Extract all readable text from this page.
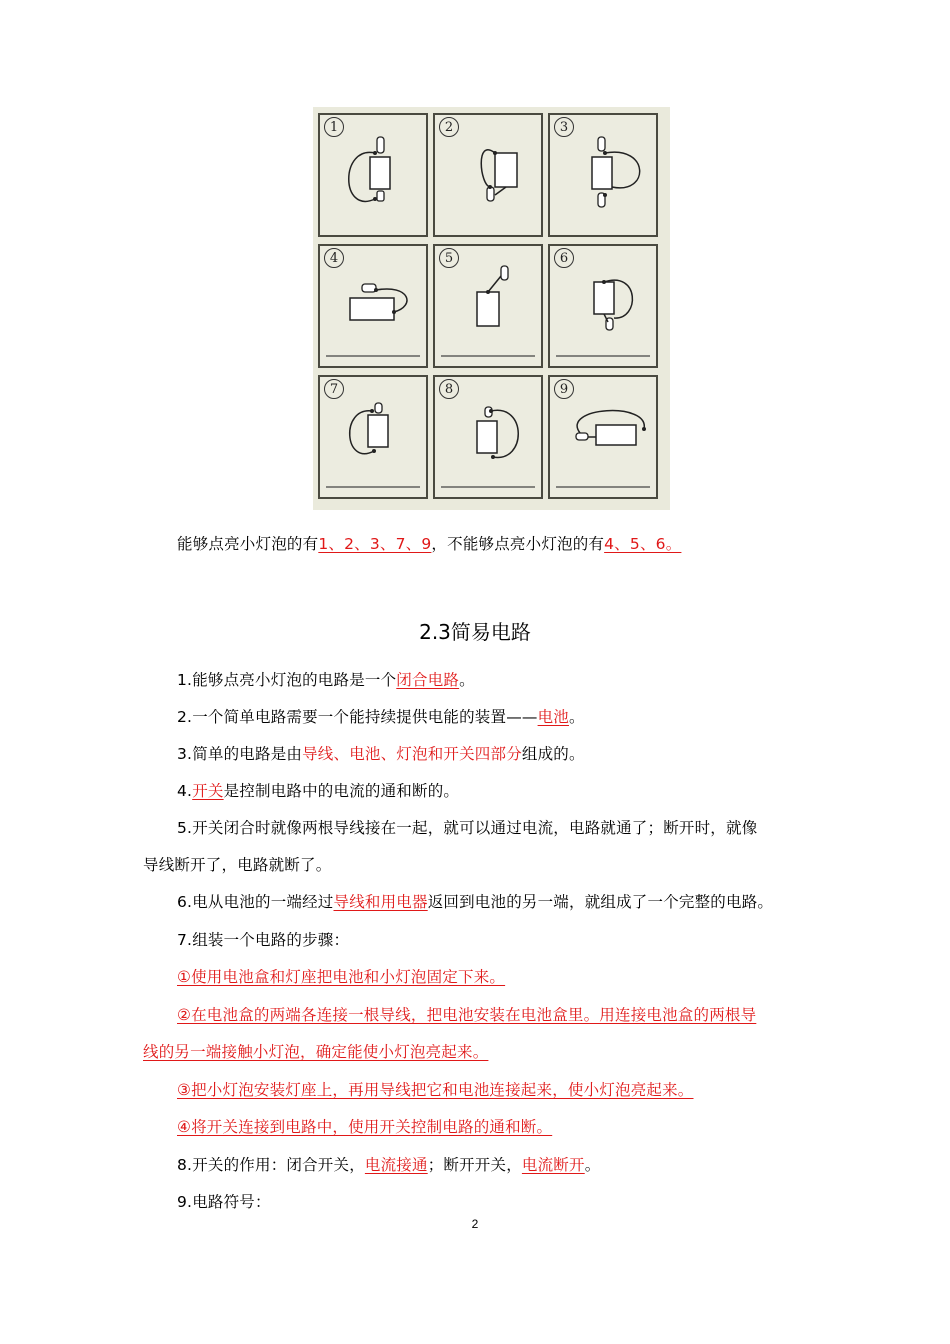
1	2	3
4	5	6
7	8	9
能够点亮小灯泡的有1、2、3、7、9，不能够点亮小灯泡的有4、5、6。
2.3简易电路
1.能够点亮小灯泡的电路是一个闭合电路。
2.一个简单电路需要一个能持续提供电能的装置——电池。
3.简单的电路是由导线、电池、灯泡和开关四部分组成的。
4.开关是控制电路中的电流的通和断的。
5.开关闭合时就像两根导线接在一起，就可以通过电流，电路就通了；断开时，就像
导线断开了，电路就断了。
6.电从电池的一端经过导线和用电器返回到电池的另一端，就组成了一个完整的电路。
7.组装一个电路的步骤：
①使用电池盒和灯座把电池和小灯泡固定下来。
②在电池盒的两端各连接一根导线，把电池安装在电池盒里。用连接电池盒的两根导
线的另一端接触小灯泡，确定能使小灯泡亮起来。
③把小灯泡安装灯座上，再用导线把它和电池连接起来，使小灯泡亮起来。
④将开关连接到电路中，使用开关控制电路的通和断。
8.开关的作用：闭合开关，电流接通；断开开关，电流断开。
9.电路符号：
2
